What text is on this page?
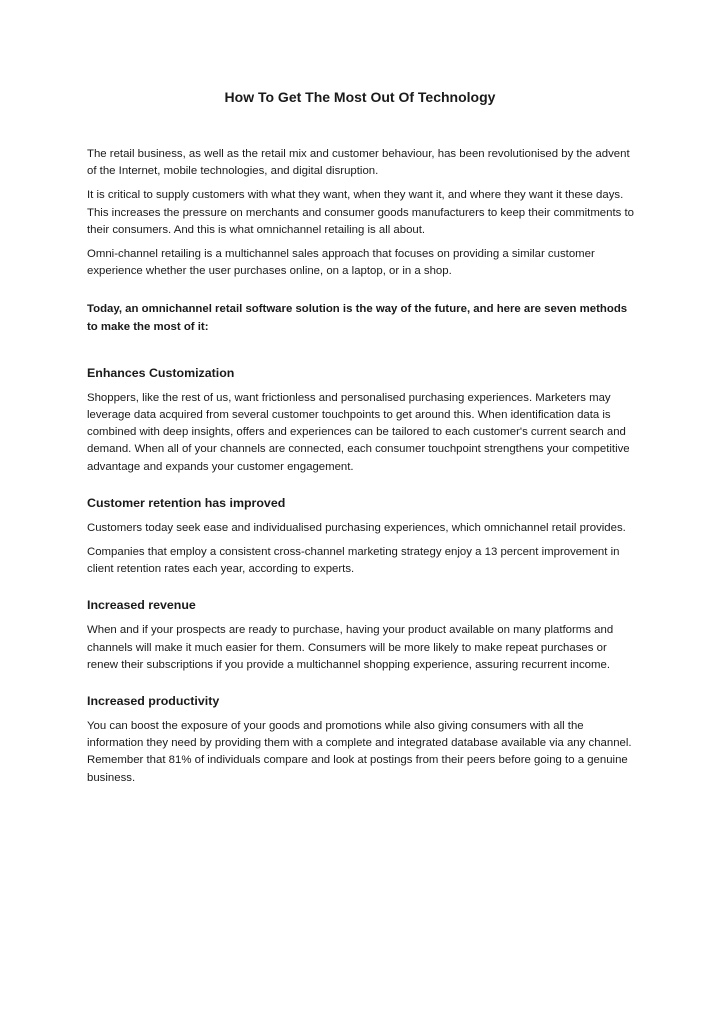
How To Get The Most Out Of Technology

The retail business, as well as the retail mix and customer behaviour, has been revolutionised by the advent of the Internet, mobile technologies, and digital disruption.

It is critical to supply customers with what they want, when they want it, and where they want it these days. This increases the pressure on merchants and consumer goods manufacturers to keep their commitments to their consumers. And this is what omnichannel retailing is all about.

Omni-channel retailing is a multichannel sales approach that focuses on providing a similar customer experience whether the user purchases online, on a laptop, or in a shop.

Today, an omnichannel retail software solution is the way of the future, and here are seven methods to make the most of it:

Enhances Customization

Shoppers, like the rest of us, want frictionless and personalised purchasing experiences. Marketers may leverage data acquired from several customer touchpoints to get around this. When identification data is combined with deep insights, offers and experiences can be tailored to each customer's current search and demand. When all of your channels are connected, each consumer touchpoint strengthens your competitive advantage and expands your customer engagement.

Customer retention has improved

Customers today seek ease and individualised purchasing experiences, which omnichannel retail provides.

Companies that employ a consistent cross-channel marketing strategy enjoy a 13 percent improvement in client retention rates each year, according to experts.

Increased revenue

When and if your prospects are ready to purchase, having your product available on many platforms and channels will make it much easier for them. Consumers will be more likely to make repeat purchases or renew their subscriptions if you provide a multichannel shopping experience, assuring recurrent income.

Increased productivity

You can boost the exposure of your goods and promotions while also giving consumers with all the information they need by providing them with a complete and integrated database available via any channel. Remember that 81% of individuals compare and look at postings from their peers before going to a genuine business.
